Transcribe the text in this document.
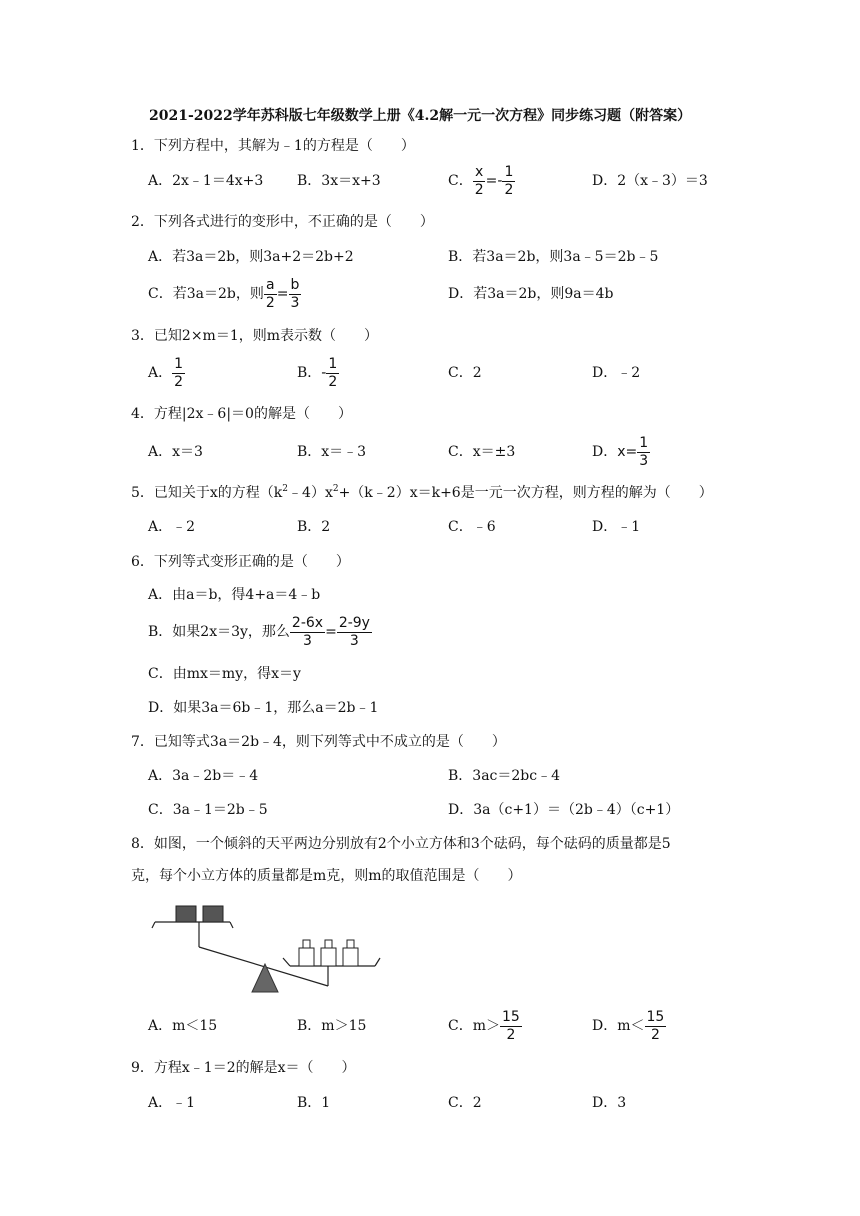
2021-2022学年苏科版七年级数学上册《4.2解一元一次方程》同步练习题（附答案）
1．下列方程中，其解为﹣1的方程是（　　）
A．2x﹣1＝4x+3 B．3x＝x+3	C． $\frac{x}{2} =- \frac{1}{2}$	D．2（x﹣3）＝3
2．下列各式进行的变形中，不正确的是（　　）
A．若3a＝2b，则3a+2＝2b+2	B．若3a＝2b，则3a﹣5＝2b﹣5
C．若3a＝2b，则 $\frac{a}{2} = \frac{b}{3}$	D．若3a＝2b，则9a＝4b
3．已知2×m＝1，则m表示数（　　）
A． $\frac{1}{2}$	B．- $\frac{1}{2}$	C．2	D．﹣2
4．方程|2x﹣6|＝0的解是（　　）
A．x＝3	B．x＝﹣3	C．x＝±3	D．$x= \frac{1}{3}$
5．已知关于x的方程$(k^2﹣4)x^2+(k﹣2)x=k+6$是一元一次方程，则方程的解为（　　）
A．﹣2	B．2	C．﹣6	D．﹣1
6．下列等式变形正确的是（　　）
A．由a＝b，得4+a＝4﹣b
B．如果2x＝3y，那么 $\frac{2-6x}{3} = \frac{2-9y}{3}$
C．由mx＝my，得x＝y
D．如果3a＝6b﹣1，那么a＝2b﹣1
7．已知等式3a＝2b﹣4，则下列等式中不成立的是（　　）
A．3a﹣2b＝﹣4	B．3ac＝2bc﹣4
C．3a﹣1＝2b﹣5	D．3a（c+1）＝（2b﹣4）（c+1）
8．如图，一个倾斜的天平两边分别放有2个小立方体和3个砝码，每个砝码的质量都是5
克，每个小立方体的质量都是m克，则m的取值范围是（　　）
A．m＜15	B．m＞15	C．$m> \frac{15}{2}$	D．$m< \frac{15}{2}$
9．方程x﹣1＝2的解是x＝（　　）
A．﹣1	B．1	C．2	D．3
